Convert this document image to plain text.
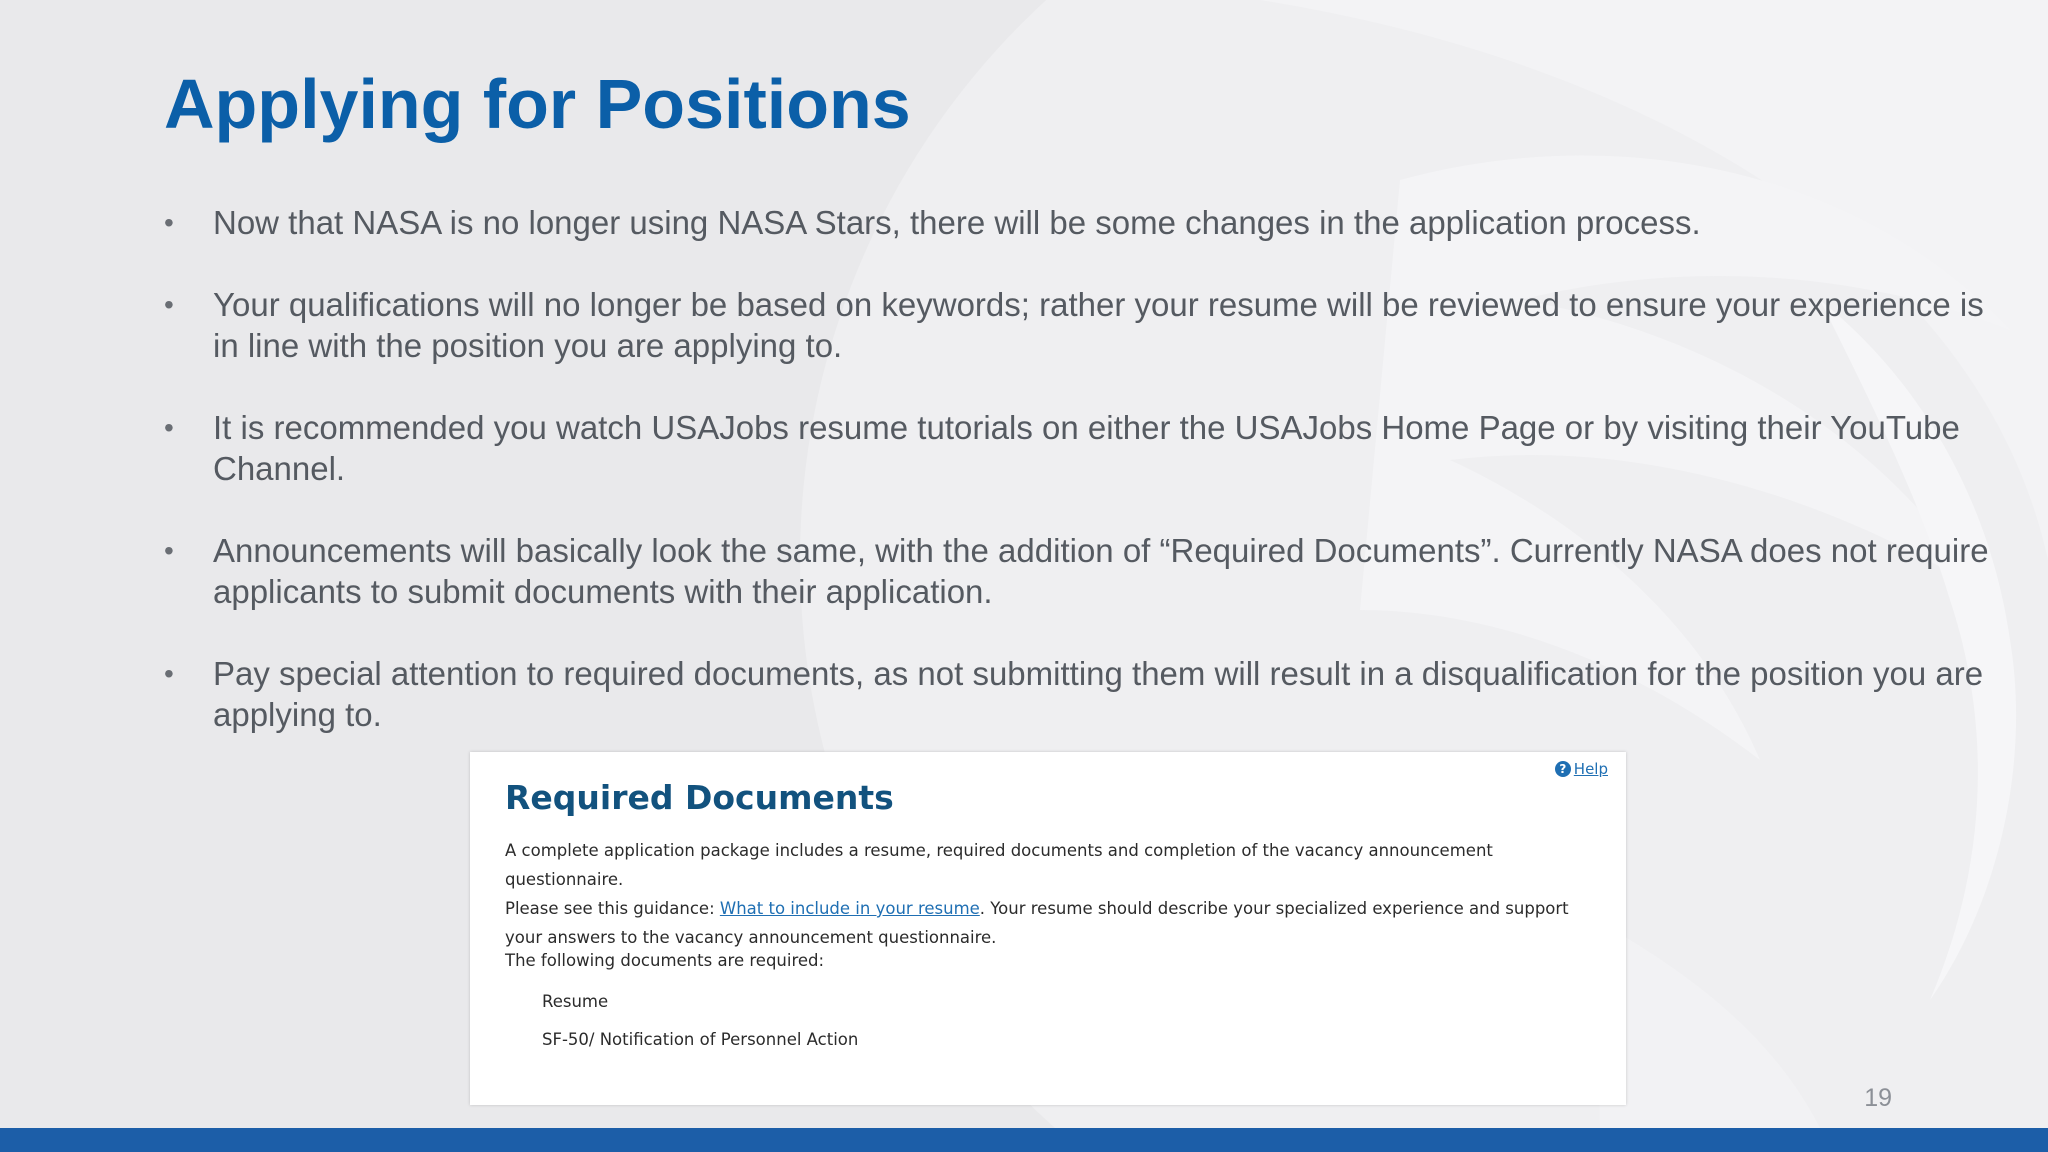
Applying for Positions
•	Now that NASA is no longer using NASA Stars, there will be some changes in the application process.
•	Your qualifications will no longer be based on keywords; rather your resume will be reviewed to ensure your experience is in line with the position you are applying to.
•	It is recommended you watch USAJobs resume tutorials on either the USAJobs Home Page or by visiting their YouTube Channel.
•	Announcements will basically look the same, with the addition of “Required Documents”. Currently NASA does not require applicants to submit documents with their application.
•	Pay special attention to required documents, as not submitting them will result in a disqualification for the position you are applying to.
? Help
Required Documents

A complete application package includes a resume, required documents and completion of the vacancy announcement questionnaire.

Please see this guidance: What to include in your resume. Your resume should describe your specialized experience and support your answers to the vacancy announcement questionnaire.

The following documents are required:
Resume
SF-50/ Notification of Personnel Action
19
